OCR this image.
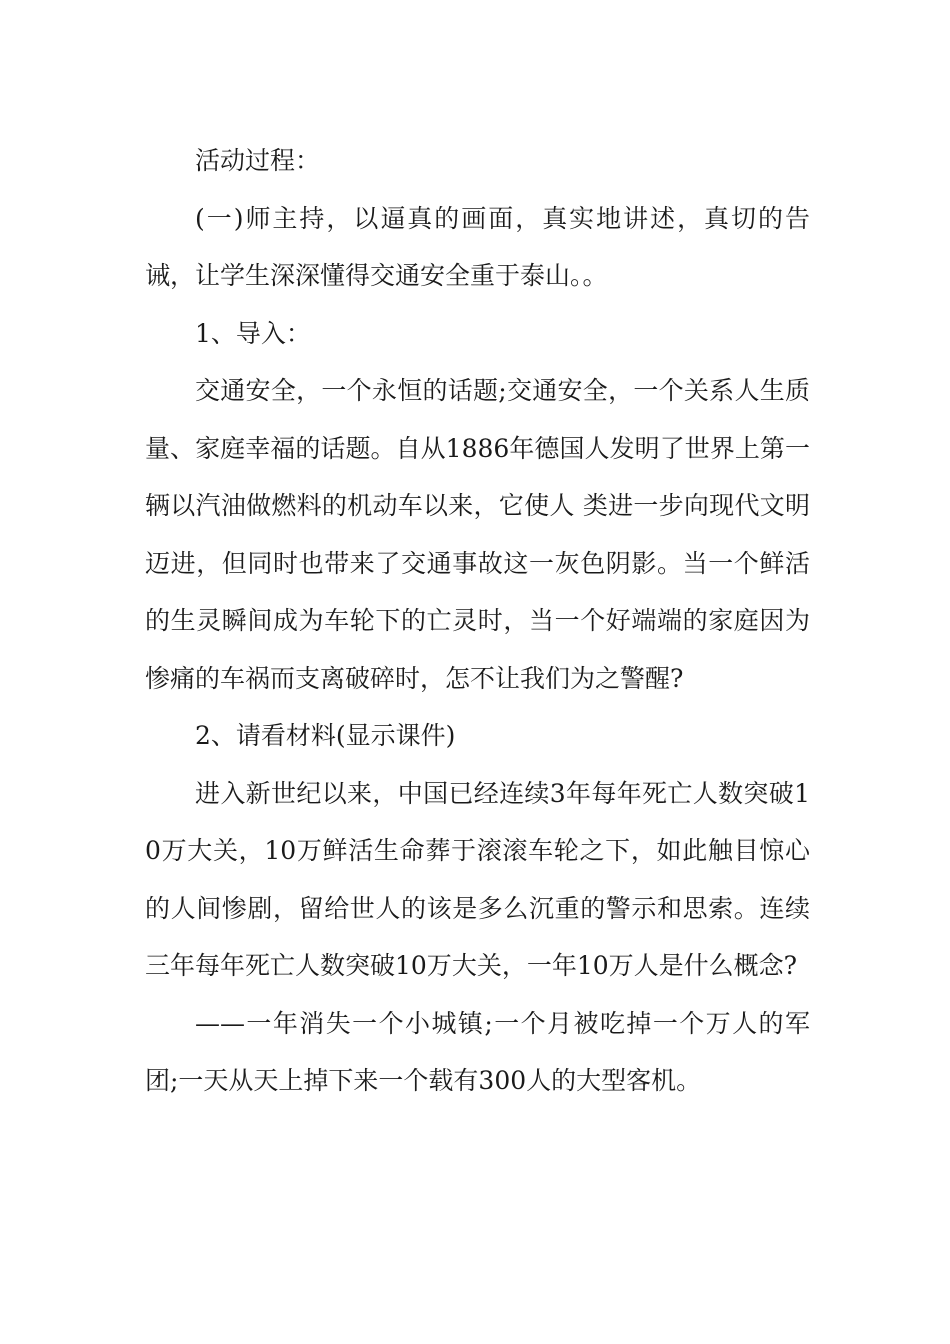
活动过程：

(一)师主持，以逼真的画面，真实地讲述，真切的告诫，让学生深深懂得交通安全重于泰山。。

1、导入：

交通安全，一个永恒的话题;交通安全，一个关系人生质量、家庭幸福的话题。自从1886年德国人发明了世界上第一辆以汽油做燃料的机动车以来，它使人 类进一步向现代文明迈进，但同时也带来了交通事故这一灰色阴影。当一个鲜活的生灵瞬间成为车轮下的亡灵时，当一个好端端的家庭因为惨痛的车祸而支离破碎时，怎不让我们为之警醒?

2、请看材料(显示课件)

进入新世纪以来，中国已经连续3年每年死亡人数突破10万大关，10万鲜活生命葬于滚滚车轮之下，如此触目惊心的人间惨剧，留给世人的该是多么沉重的警示和思索。连续三年每年死亡人数突破10万大关，一年10万人是什么概念?

——一年消失一个小城镇;一个月被吃掉一个万人的军团;一天从天上掉下来一个载有300人的大型客机。
